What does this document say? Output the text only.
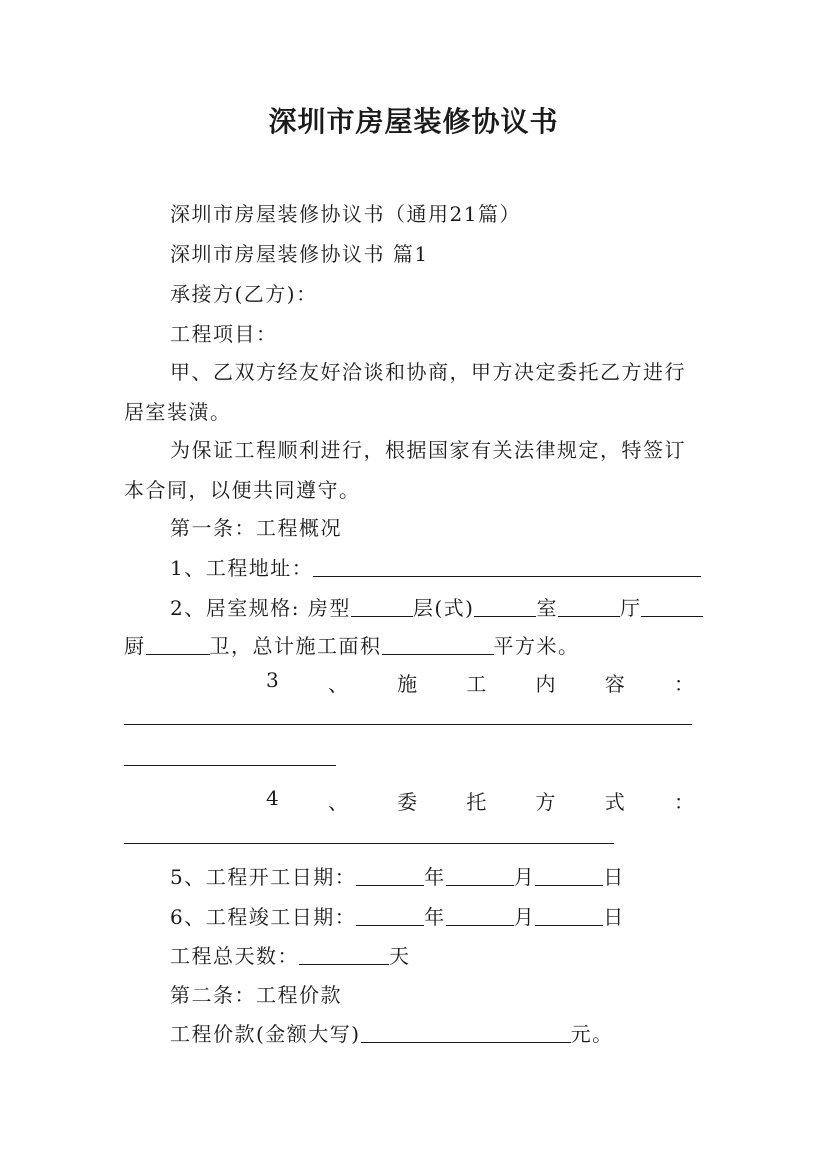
深圳市房屋装修协议书
深圳市房屋装修协议书（通用21篇）
深圳市房屋装修协议书 篇1
承接方(乙方)：
工程项目：
甲、乙双方经友好洽谈和协商，甲方决定委托乙方进行
居室装潢。
为保证工程顺利进行，根据国家有关法律规定，特签订
本合同，以便共同遵守。
第一条：工程概况
1、工程地址：
2、居室规格: 房型	层(式)	室	厅
厨	卫，总计施工面积	平方米。
3 、 施 工 内 容 ：
4 、 委 托 方 式 ：
5、工程开工日期：	年	月	日
6、工程竣工日期：	年	月	日
工程总天数：	天
第二条：工程价款
工程价款(金额大写)	元。
